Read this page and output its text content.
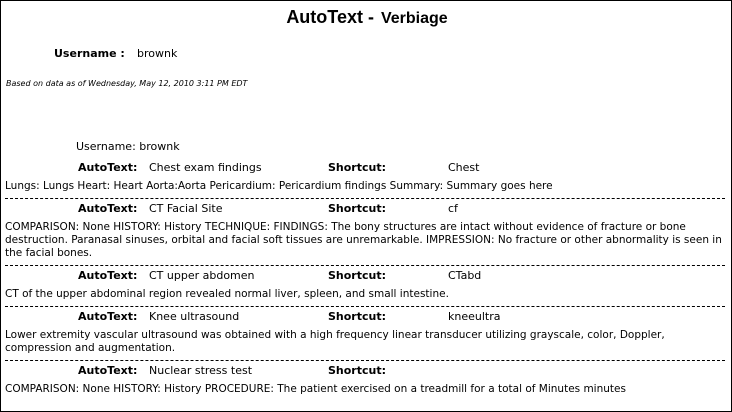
AutoText - Verbiage
Username : brownk
Based on data as of Wednesday, May 12, 2010 3:11 PM EDT
Username: brownk
AutoText: Chest exam findings	Shortcut:	Chest
Lungs: Lungs Heart: Heart Aorta:Aorta Pericardium: Pericardium findings Summary: Summary goes here
AutoText: CT Facial Site	Shortcut:	cf
COMPARISON: None HISTORY: History TECHNIQUE: FINDINGS: The bony structures are intact without evidence of fracture or bone destruction. Paranasal sinuses, orbital and facial soft tissues are unremarkable. IMPRESSION: No fracture or other abnormality is seen in the facial bones.
AutoText: CT upper abdomen	Shortcut:	CTabd
CT of the upper abdominal region revealed normal liver, spleen, and small intestine.
AutoText: Knee ultrasound	Shortcut:	kneeultra
Lower extremity vascular ultrasound was obtained with a high frequency linear transducer utilizing grayscale, color, Doppler, compression and augmentation.
AutoText: Nuclear stress test	Shortcut:
COMPARISON: None HISTORY: History PROCEDURE: The patient exercised on a treadmill for a total of Minutes minutes
